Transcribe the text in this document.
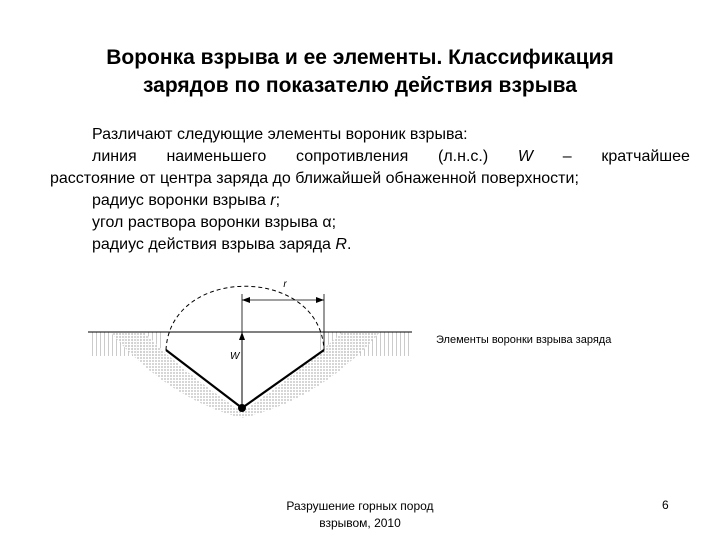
Воронка взрыва и ее элементы. Классификация
зарядов по показателю действия взрыва
Различают следующие элементы вороник взрыва:
линия наименьшего сопротивления (л.н.с.) W – кратчайшее
расстояние от центра заряда до ближайшей обнаженной поверхности;
радиус воронки взрыва r;
угол раствора воронки взрыва α;
радиус действия взрыва заряда R.
r
W
Элементы воронки взрыва заряда
Разрушение горных пород
взрывом, 2010
6
